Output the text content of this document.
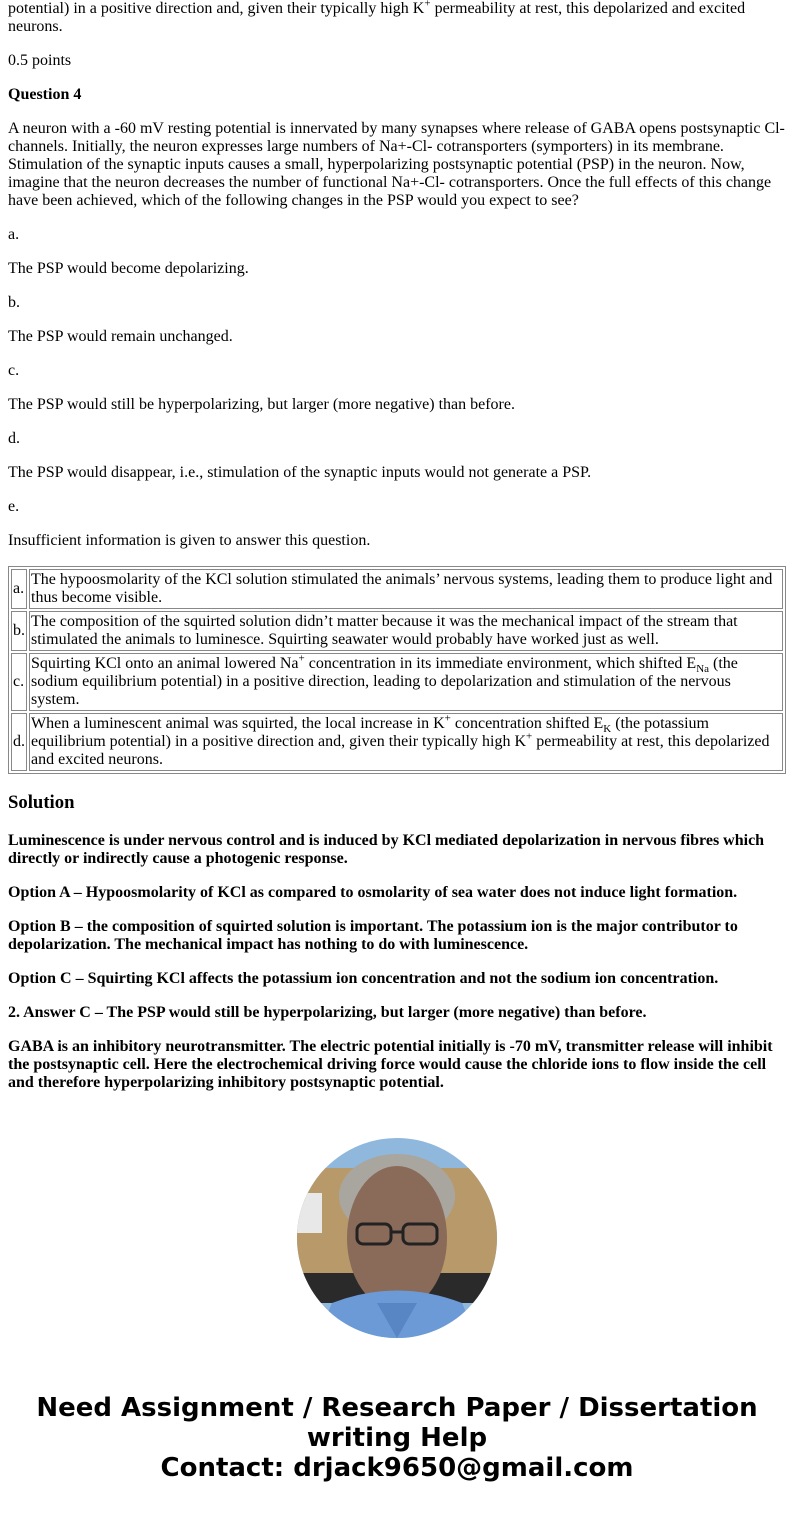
potential) in a positive direction and, given their typically high K+ permeability at rest, this depolarized and excited neurons.

0.5 points

Question 4

A neuron with a -60 mV resting potential is innervated by many synapses where release of GABA opens postsynaptic Cl- channels. Initially, the neuron expresses large numbers of Na+-Cl- cotransporters (symporters) in its membrane. Stimulation of the synaptic inputs causes a small, hyperpolarizing postsynaptic potential (PSP) in the neuron. Now, imagine that the neuron decreases the number of functional Na+-Cl- cotransporters. Once the full effects of this change have been achieved, which of the following changes in the PSP would you expect to see?

a.

The PSP would become depolarizing.

b.

The PSP would remain unchanged.

c.

The PSP would still be hyperpolarizing, but larger (more negative) than before.

d.

The PSP would disappear, i.e., stimulation of the synaptic inputs would not generate a PSP.

e.

Insufficient information is given to answer this question.

a.	The hypoosmolarity of the KCl solution stimulated the animals’ nervous systems, leading them to produce light and thus become visible.
b.	The composition of the squirted solution didn’t matter because it was the mechanical impact of the stream that stimulated the animals to luminesce. Squirting seawater would probably have worked just as well.
c.	Squirting KCl onto an animal lowered Na+ concentration in its immediate environment, which shifted $E_{Na}$ (the sodium equilibrium potential) in a positive direction, leading to depolarization and stimulation of the nervous system.
d.	When a luminescent animal was squirted, the local increase in K+ concentration shifted $E_K$ (the potassium equilibrium potential) in a positive direction and, given their typically high K+ permeability at rest, this depolarized and excited neurons.
Solution

Luminescence is under nervous control and is induced by KCl mediated depolarization in nervous fibres which directly or indirectly cause a photogenic response.

Option A – Hypoosmolarity of KCl as compared to osmolarity of sea water does not induce light formation.

Option B – the composition of squirted solution is important. The potassium ion is the major contributor to depolarization. The mechanical impact has nothing to do with luminescence.

Option C – Squirting KCl affects the potassium ion concentration and not the sodium ion concentration.

2. Answer C – The PSP would still be hyperpolarizing, but larger (more negative) than before.

GABA is an inhibitory neurotransmitter. The electric potential initially is -70 mV, transmitter release will inhibit the postsynaptic cell. Here the electrochemical driving force would cause the chloride ions to flow inside the cell and therefore hyperpolarizing inhibitory postsynaptic potential.

Need Assignment / Research Paper / Dissertation writing Help
Contact: drjack9650@gmail.com
